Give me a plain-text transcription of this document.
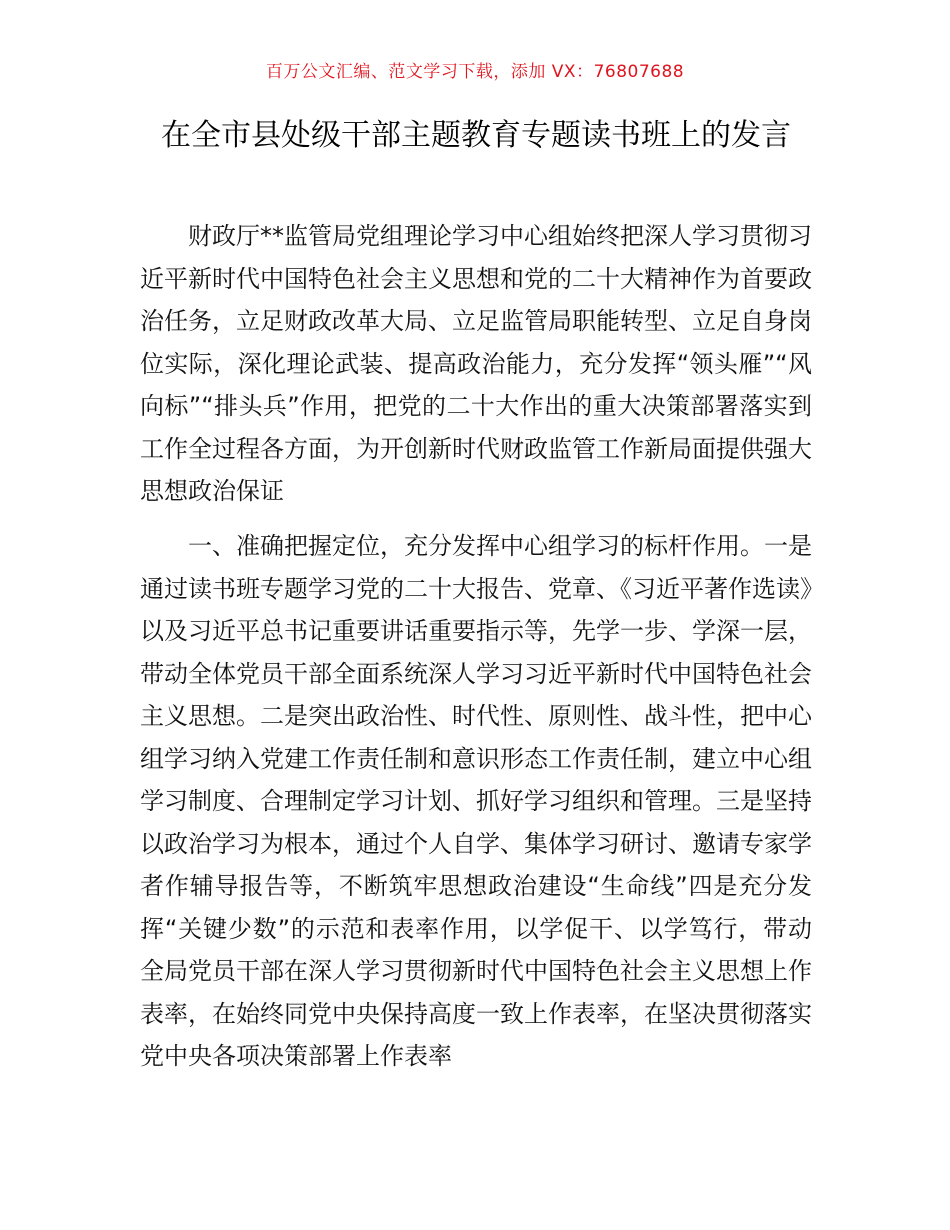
百万公文汇编、范文学习下载，添加 VX：76807688
在全市县处级干部主题教育专题读书班上的发言

财政厅**监管局党组理论学习中心组始终把深人学习贯彻习近平新时代中国特色社会主义思想和党的二十大精神作为首要政治任务，立足财政改革大局、立足监管局职能转型、立足自身岗位实际，深化理论武装、提高政治能力，充分发挥“领头雁”“风向标”“排头兵”作用，把党的二十大作出的重大决策部署落实到工作全过程各方面，为开创新时代财政监管工作新局面提供强大思想政治保证

一、准确把握定位，充分发挥中心组学习的标杆作用。一是通过读书班专题学习党的二十大报告、党章、《习近平著作选读》以及习近平总书记重要讲话重要指示等，先学一步、学深一层，带动全体党员干部全面系统深人学习习近平新时代中国特色社会主义思想。二是突出政治性、时代性、原则性、战斗性，把中心组学习纳入党建工作责任制和意识形态工作责任制，建立中心组学习制度、合理制定学习计划、抓好学习组织和管理。三是坚持以政治学习为根本，通过个人自学、集体学习研讨、邀请专家学者作辅导报告等，不断筑牢思想政治建设“生命线”四是充分发挥“关键少数”的示范和表率作用，以学促干、以学笃行，带动全局党员干部在深人学习贯彻新时代中国特色社会主义思想上作表率，在始终同党中央保持高度一致上作表率，在坚决贯彻落实党中央各项决策部署上作表率
